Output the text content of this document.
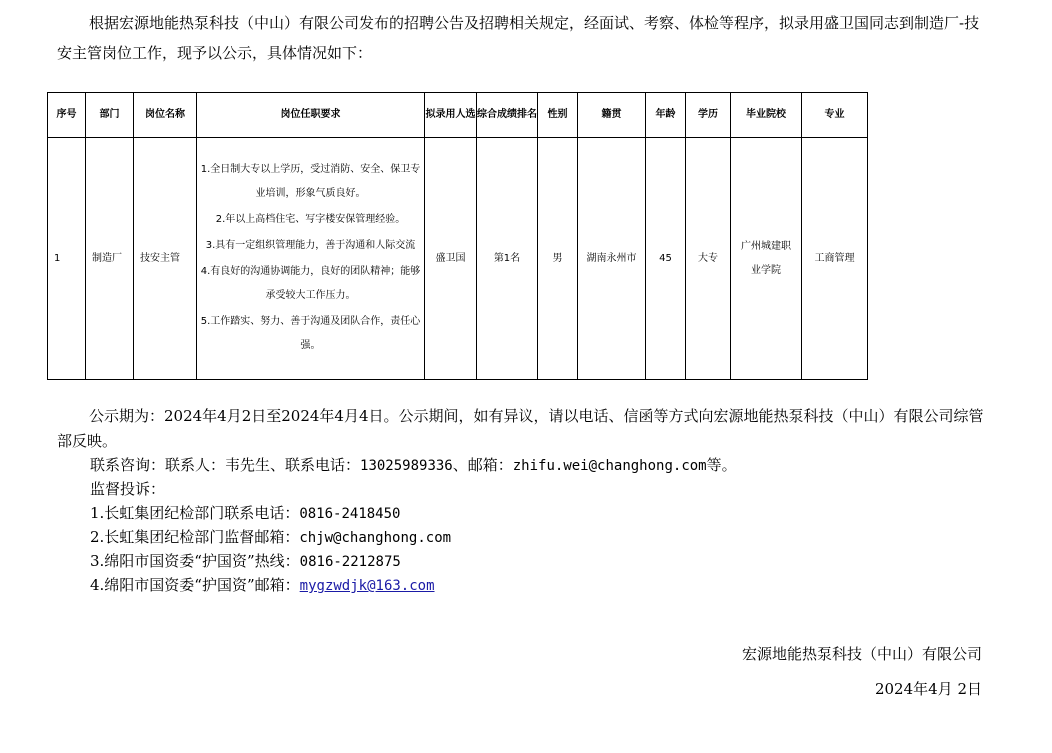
根据宏源地能热泵科技（中山）有限公司发布的招聘公告及招聘相关规定，经面试、考察、体检等程序，拟录用盛卫国同志到制造厂-技安主管岗位工作，现予以公示，具体情况如下：

序号	部门	岗位名称	岗位任职要求	拟录用人选	综合成绩排名	性别	籍贯	年龄	学历	毕业院校	专业
1	制造厂	技安主管	1.全日制大专以上学历，受过消防、安全、保卫专业培训，形象气质良好。

2.年以上高档住宅、写字楼安保管理经验。

3.具有一定组织管理能力，善于沟通和人际交流

4.有良好的沟通协调能力，良好的团队精神；能够承受较大工作压力。

5.工作踏实、努力、善于沟通及团队合作，责任心强。	盛卫国	第1名	男	湖南永州市	45	大专	广州城建职业学院	工商管理

公示期为：2024年4月2日至2024年4月4日。公示期间，如有异议，请以电话、信函等方式向宏源地能热泵科技（中山）有限公司综管部反映。

联系咨询：联系人：韦先生、联系电话：13025989336、邮箱：zhifu.wei@changhong.com等。

监督投诉：

1.长虹集团纪检部门联系电话：0816-2418450

2.长虹集团纪检部门监督邮箱：chjw@changhong.com

3.绵阳市国资委“护国资”热线：0816-2212875

4.绵阳市国资委“护国资”邮箱：mygzwdjk@163.com

宏源地能热泵科技（中山）有限公司
2024年4月 2日
